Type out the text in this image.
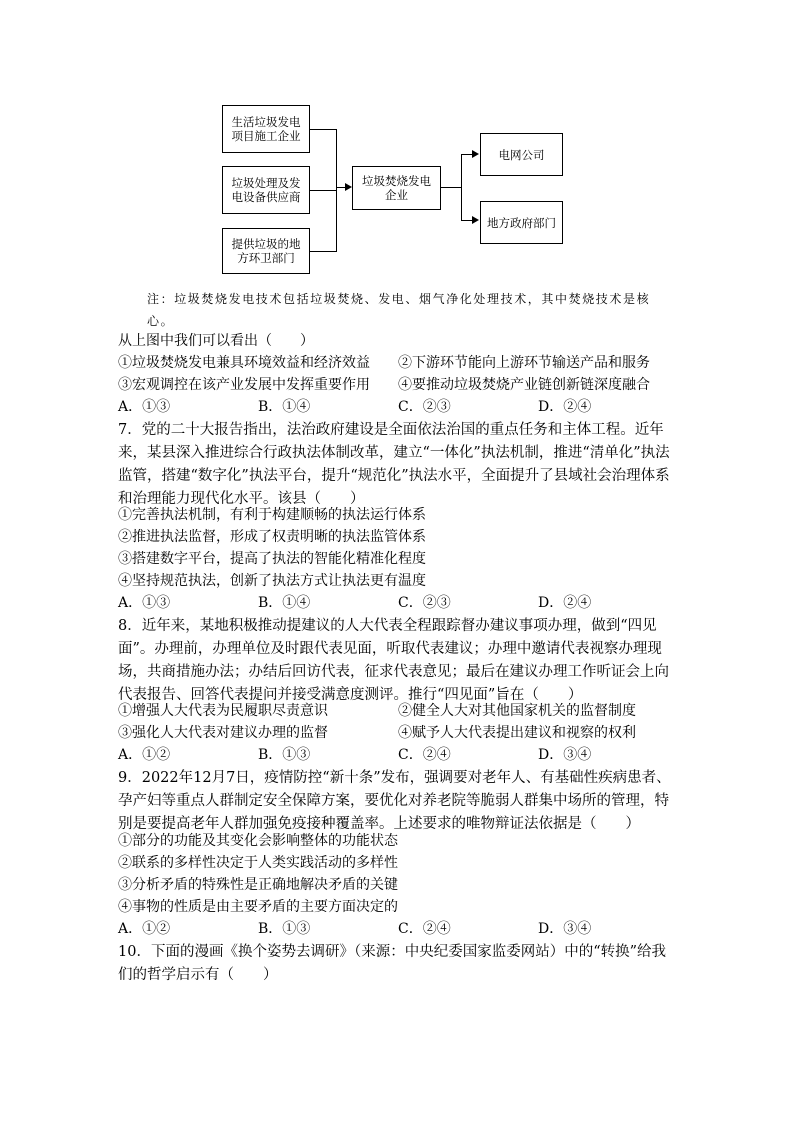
生活垃圾发电项目施工企业
垃圾处理及发电设备供应商
提供垃圾的地方环卫部门
垃圾焚烧发电企业
电网公司
地方政府部门
注：垃圾焚烧发电技术包括垃圾焚烧、发电、烟气净化处理技术，其中焚烧技术是核心。
从上图中我们可以看出（　　）
①垃圾焚烧发电兼具环境效益和经济效益 ②下游环节能向上游环节输送产品和服务
③宏观调控在该产业发展中发挥重要作用 ④要推动垃圾焚烧产业链创新链深度融合
A．①③	B．①④	C．②③	D．②④
7．党的二十大报告指出，法治政府建设是全面依法治国的重点任务和主体工程。近年来，某县深入推进综合行政执法体制改革，建立“一体化”执法机制，推进“清单化”执法监管，搭建“数字化”执法平台，提升“规范化”执法水平，全面提升了县域社会治理体系和治理能力现代化水平。该县（　　）
①完善执法机制，有利于构建顺畅的执法运行体系
②推进执法监督，形成了权责明晰的执法监管体系
③搭建数字平台，提高了执法的智能化精准化程度
④坚持规范执法，创新了执法方式让执法更有温度
A．①③	B．①④	C．②③	D．②④
8．近年来，某地积极推动提建议的人大代表全程跟踪督办建议事项办理，做到“四见面”。办理前，办理单位及时跟代表见面，听取代表建议；办理中邀请代表视察办理现场，共商措施办法；办结后回访代表，征求代表意见；最后在建议办理工作听证会上向代表报告、回答代表提问并接受满意度测评。推行“四见面”旨在（　　）
①增强人大代表为民履职尽责意识	②健全人大对其他国家机关的监督制度
③强化人大代表对建议办理的监督	④赋予人大代表提出建议和视察的权利
A．①②	B．①③	C．②④	D．③④
9．2022年12月7日，疫情防控“新十条”发布，强调要对老年人、有基础性疾病患者、孕产妇等重点人群制定安全保障方案，要优化对养老院等脆弱人群集中场所的管理，特别是要提高老年人群加强免疫接种覆盖率。上述要求的唯物辩证法依据是（　　）
①部分的功能及其变化会影响整体的功能状态
②联系的多样性决定于人类实践活动的多样性
③分析矛盾的特殊性是正确地解决矛盾的关键
④事物的性质是由主要矛盾的主要方面决定的
A．①②	B．①③	C．②④	D．③④
10．下面的漫画《换个姿势去调研》（来源：中央纪委国家监委网站）中的“转换”给我们的哲学启示有（　　）
